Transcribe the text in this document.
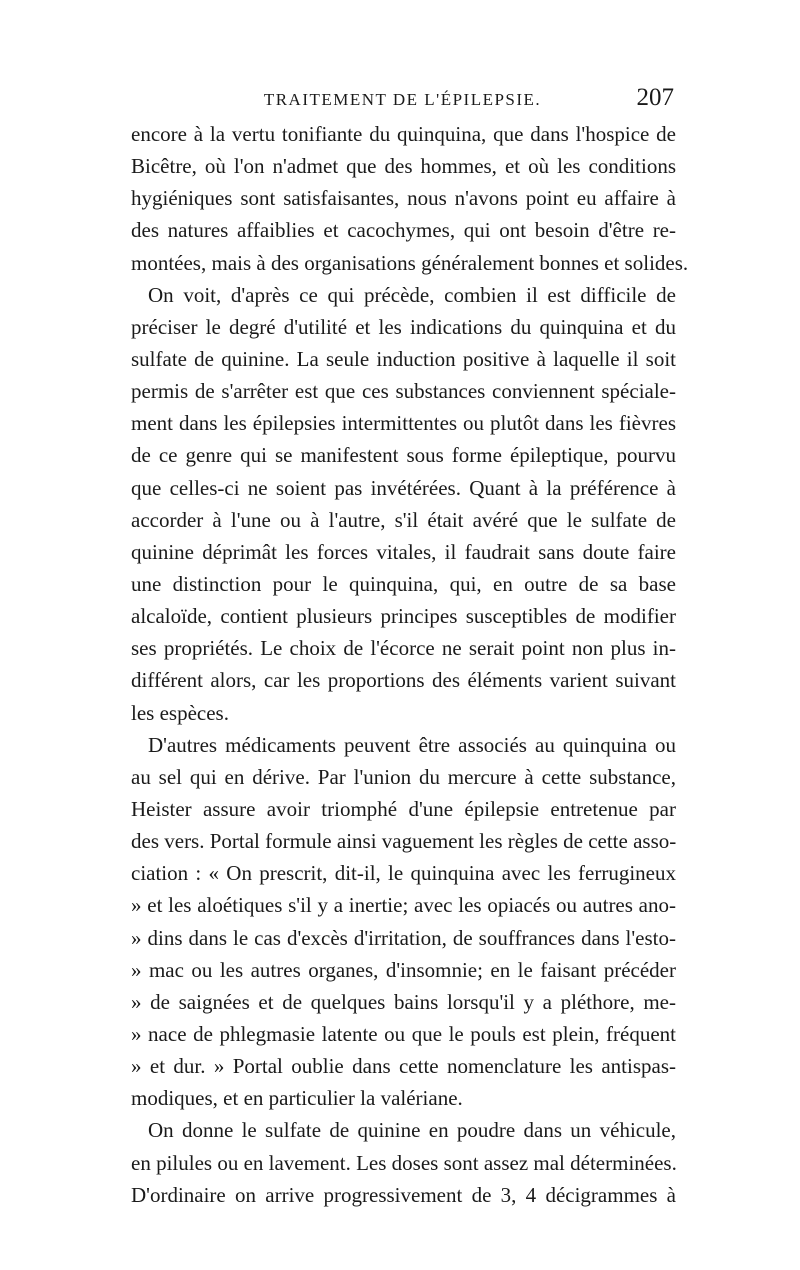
TRAITEMENT DE L'ÉPILEPSIE.	207
encore à la vertu tonifiante du quinquina, que dans l'hospice de
Bicêtre, où l'on n'admet que des hommes, et où les conditions
hygiéniques sont satisfaisantes, nous n'avons point eu affaire à
des natures affaiblies et cacochymes, qui ont besoin d'être re-
montées, mais à des organisations généralement bonnes et solides.
On voit, d'après ce qui précède, combien il est difficile de
préciser le degré d'utilité et les indications du quinquina et du
sulfate de quinine. La seule induction positive à laquelle il soit
permis de s'arrêter est que ces substances conviennent spéciale-
ment dans les épilepsies intermittentes ou plutôt dans les fièvres
de ce genre qui se manifestent sous forme épileptique, pourvu
que celles-ci ne soient pas invétérées. Quant à la préférence à
accorder à l'une ou à l'autre, s'il était avéré que le sulfate de
quinine déprimât les forces vitales, il faudrait sans doute faire
une distinction pour le quinquina, qui, en outre de sa base
alcaloïde, contient plusieurs principes susceptibles de modifier
ses propriétés. Le choix de l'écorce ne serait point non plus in-
différent alors, car les proportions des éléments varient suivant
les espèces.
D'autres médicaments peuvent être associés au quinquina ou
au sel qui en dérive. Par l'union du mercure à cette substance,
Heister assure avoir triomphé d'une épilepsie entretenue par
des vers. Portal formule ainsi vaguement les règles de cette asso-
ciation : « On prescrit, dit-il, le quinquina avec les ferrugineux
» et les aloétiques s'il y a inertie; avec les opiacés ou autres ano-
» dins dans le cas d'excès d'irritation, de souffrances dans l'esto-
» mac ou les autres organes, d'insomnie; en le faisant précéder
» de saignées et de quelques bains lorsqu'il y a pléthore, me-
» nace de phlegmasie latente ou que le pouls est plein, fréquent
» et dur. » Portal oublie dans cette nomenclature les antispas-
modiques, et en particulier la valériane.
On donne le sulfate de quinine en poudre dans un véhicule,
en pilules ou en lavement. Les doses sont assez mal déterminées.
D'ordinaire on arrive progressivement de 3, 4 décigrammes à
